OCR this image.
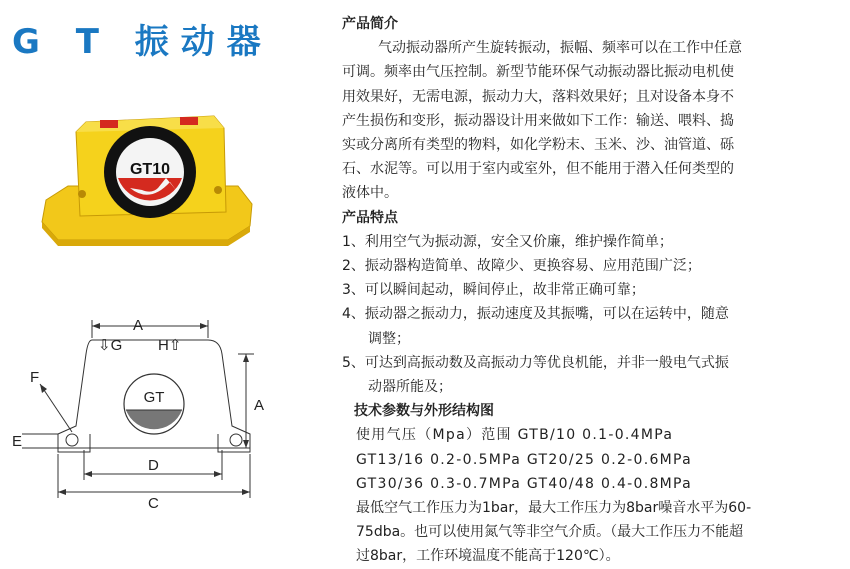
G T 振动器
GT10
GT
A
⇩G H⇧
F
E
A
D
C

产品简介

气动振动器所产生旋转振动，振幅、频率可以在工作中任意

可调。频率由气压控制。新型节能环保气动振动器比振动电机使

用效果好，无需电源，振动力大，落料效果好；且对设备本身不

产生损伤和变形，振动器设计用来做如下工作：输送、喂料、捣

实或分离所有类型的物料，如化学粉末、玉米、沙、油管道、砾

石、水泥等。可以用于室内或室外，但不能用于潜入任何类型的

液体中。

产品特点

1、利用空气为振动源，安全又价廉，维护操作简单；

2、振动器构造简单、故障少、更换容易、应用范围广泛；

3、可以瞬间起动，瞬间停止，故非常正确可靠；

4、振动器之振动力，振动速度及其振嘴，可以在运转中，随意

调整；

5、可达到高振动数及高振动力等优良机能，并非一般电气式振

动器所能及；

技术参数与外形结构图

使用气压（Mpa）范围 GTB/10 0.1-0.4MPa

GT13/16 0.2-0.5MPa GT20/25 0.2-0.6MPa

GT30/36 0.3-0.7MPa GT40/48 0.4-0.8MPa

最低空气工作压力为1bar，最大工作压力为8bar噪音水平为60-

75dba。也可以使用氮气等非空气介质。（最大工作压力不能超

过8bar，工作环境温度不能高于120℃）。
